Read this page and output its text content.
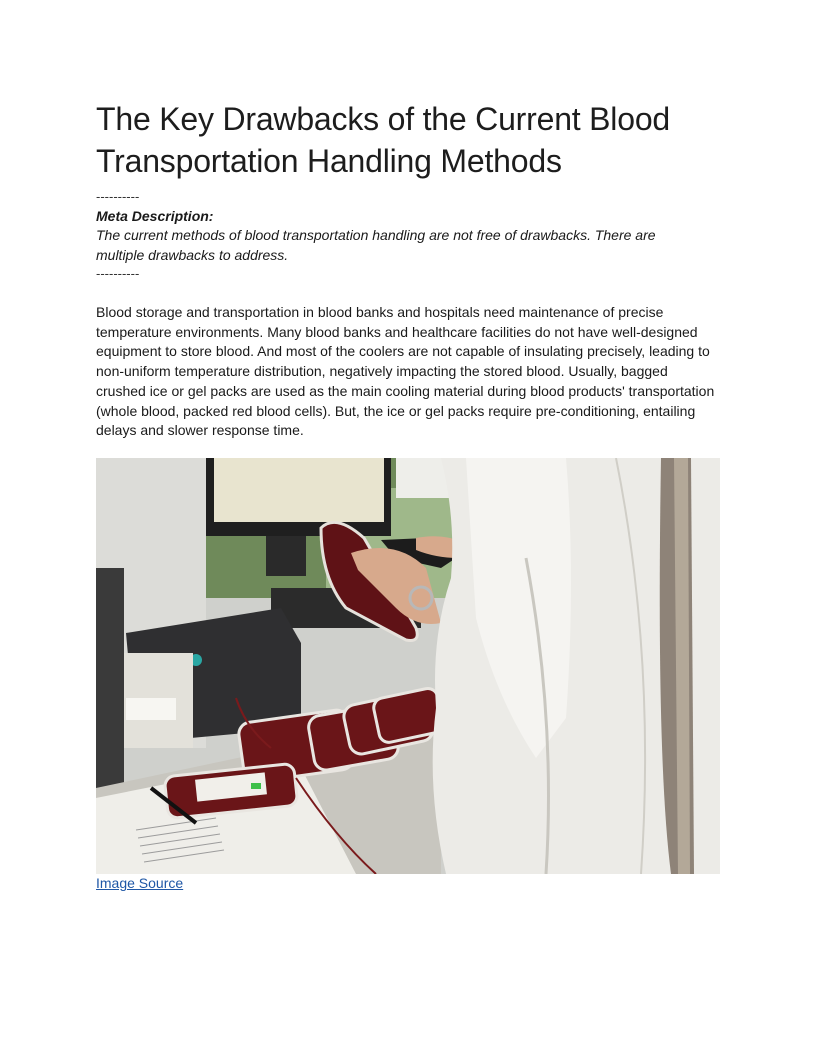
The Key Drawbacks of the Current Blood Transportation Handling Methods
----------
Meta Description:
The current methods of blood transportation handling are not free of drawbacks. There are multiple drawbacks to address.
----------
Blood storage and transportation in blood banks and hospitals need maintenance of precise temperature environments. Many blood banks and healthcare facilities do not have well-designed equipment to store blood. And most of the coolers are not capable of insulating precisely, leading to non-uniform temperature distribution, negatively impacting the stored blood. Usually, bagged crushed ice or gel packs are used as the main cooling material during blood products' transportation (whole blood, packed red blood cells). But, the ice or gel packs require pre-conditioning, entailing delays and slower response time.
Image Source
